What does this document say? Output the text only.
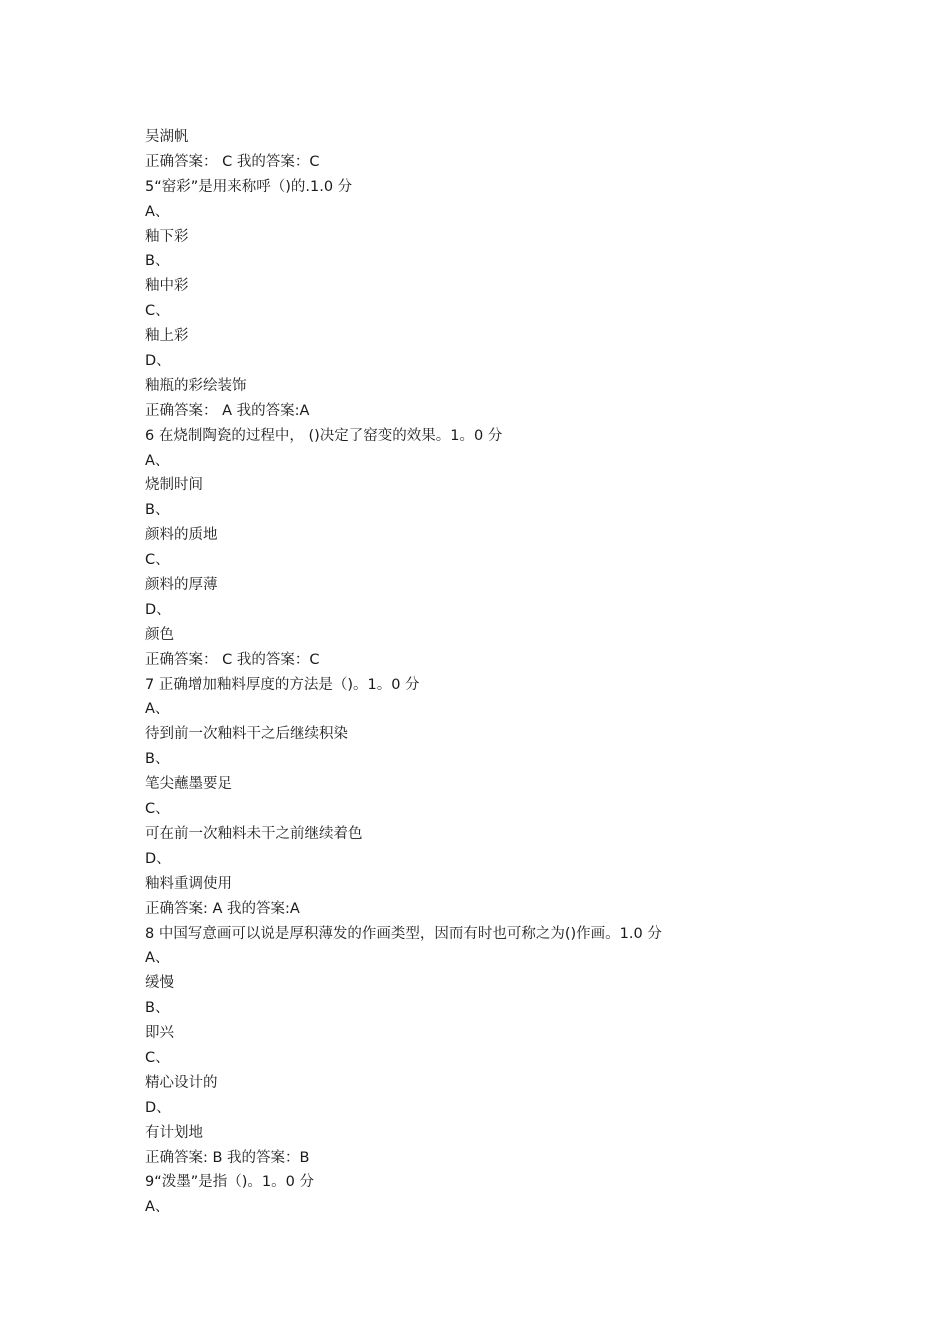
吴湖帆
正确答案： C 我的答案：C
5“窑彩”是用来称呼（)的.1.0 分
A、
釉下彩
B、
釉中彩
C、
釉上彩
D、
釉瓶的彩绘装饰
正确答案： A 我的答案:A
6 在烧制陶瓷的过程中， ()决定了窑变的效果。1。0 分
A、
烧制时间
B、
颜料的质地
C、
颜料的厚薄
D、
颜色
正确答案： C 我的答案：C
7 正确增加釉料厚度的方法是（)。1。0 分
A、
待到前一次釉料干之后继续积染
B、
笔尖蘸墨要足
C、
可在前一次釉料未干之前继续着色
D、
釉料重调使用
正确答案: A 我的答案:A
8 中国写意画可以说是厚积薄发的作画类型，因而有时也可称之为()作画。1.0 分
A、
缓慢
B、
即兴
C、
精心设计的
D、
有计划地
正确答案: B 我的答案：B
9“泼墨”是指（)。1。0 分
A、
